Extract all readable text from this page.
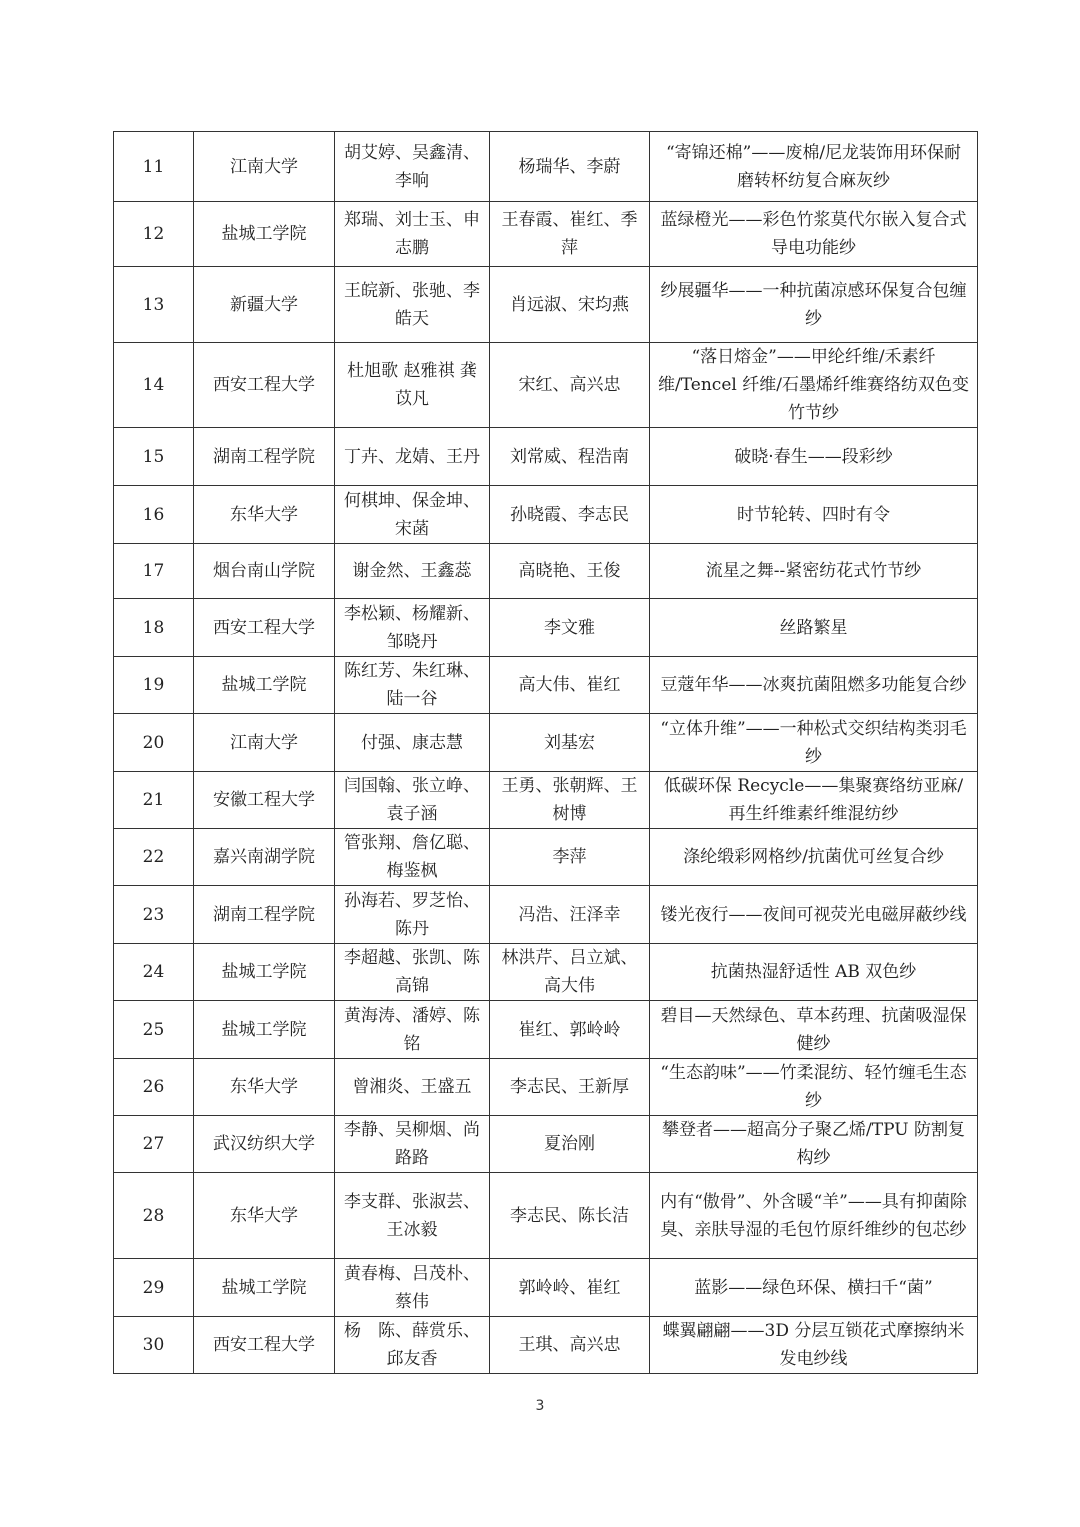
11	江南大学	胡艾婷、吴鑫清、李响	杨瑞华、李蔚	“寄锦还棉”——废棉/尼龙装饰用环保耐磨转杯纺复合麻灰纱
12	盐城工学院	郑瑞、刘士玉、申志鹏	王春霞、崔红、季萍	蓝绿橙光——彩色竹浆莫代尔嵌入复合式导电功能纱
13	新疆大学	王皖新、张驰、李皓天	肖远淑、宋均燕	纱展疆华——一种抗菌凉感环保复合包缠纱
14	西安工程大学	杜旭歌 赵雅祺 龚苡凡	宋红、高兴忠	“落日熔金”——甲纶纤维/禾素纤维/Tencel 纤维/石墨烯纤维赛络纺双色变竹节纱
15	湖南工程学院	丁卉、龙婧、王丹	刘常威、程浩南	破晓·春生——段彩纱
16	东华大学	何棋坤、保金坤、宋菡	孙晓霞、李志民	时节轮转、四时有令
17	烟台南山学院	谢金然、王鑫蕊	高晓艳、王俊	流星之舞--紧密纺花式竹节纱
18	西安工程大学	李松颖、杨耀新、邹晓丹	李文雅	丝路繁星
19	盐城工学院	陈红芳、朱红琳、陆一谷	高大伟、崔红	豆蔻年华——冰爽抗菌阻燃多功能复合纱
20	江南大学	付强、康志慧	刘基宏	“立体升维”——一种松式交织结构类羽毛纱
21	安徽工程大学	闫国翰、张立峥、袁子涵	王勇、张朝辉、王树博	低碳环保 Recycle——集聚赛络纺亚麻/再生纤维素纤维混纺纱
22	嘉兴南湖学院	管张翔、詹亿聪、梅鉴枫	李萍	涤纶缎彩网格纱/抗菌优可丝复合纱
23	湖南工程学院	孙海若、罗芝怡、陈丹	冯浩、汪泽幸	镂光夜行——夜间可视荧光电磁屏蔽纱线
24	盐城工学院	李超越、张凯、陈高锦	林洪芹、吕立斌、高大伟	抗菌热湿舒适性 AB 双色纱
25	盐城工学院	黄海涛、潘婷、陈铭	崔红、郭岭岭	碧目—天然绿色、草本药理、抗菌吸湿保健纱
26	东华大学	曾湘炎、王盛五	李志民、王新厚	“生态韵味”——竹柔混纺、轻竹缠毛生态纱
27	武汉纺织大学	李静、吴柳烟、尚路路	夏治刚	攀登者——超高分子聚乙烯/TPU 防割复构纱
28	东华大学	李支群、张淑芸、王冰毅	李志民、陈长洁	内有“傲骨”、外含暖“羊”——具有抑菌除臭、亲肤导湿的毛包竹原纤维纱的包芯纱
29	盐城工学院	黄春梅、吕茂朴、蔡伟	郭岭岭、崔红	蓝影——绿色环保、横扫千“菌”
30	西安工程大学	杨　陈、薛赏乐、邱友香	王琪、高兴忠	蝶翼翩翩——3D 分层互锁花式摩擦纳米发电纱线
3
